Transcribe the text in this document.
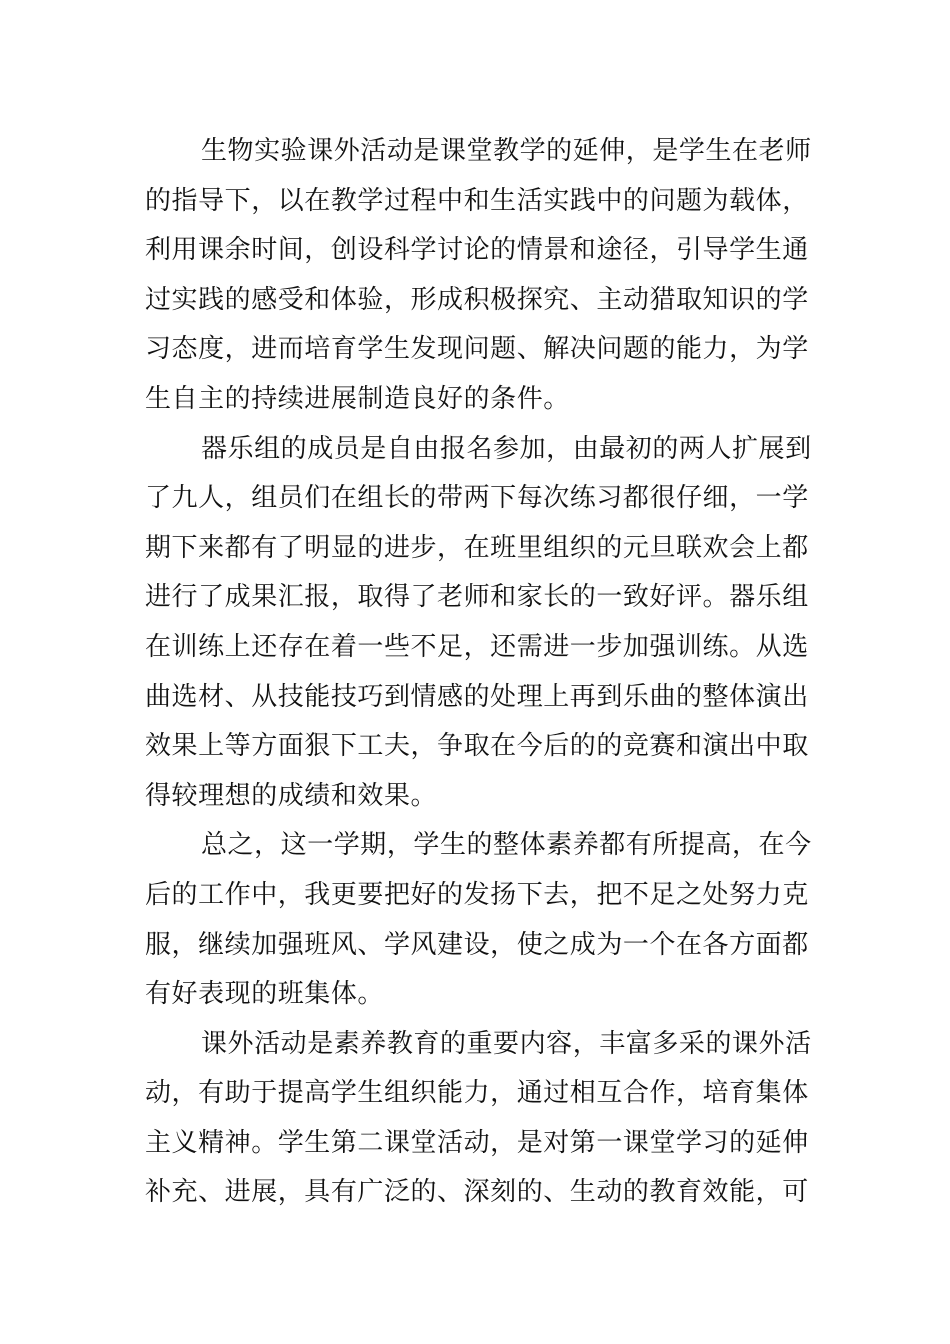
生物实验课外活动是课堂教学的延伸，是学生在老师
的指导下，以在教学过程中和生活实践中的问题为载体，
利用课余时间，创设科学讨论的情景和途径，引导学生通
过实践的感受和体验，形成积极探究、主动猎取知识的学
习态度，进而培育学生发现问题、解决问题的能力，为学
生自主的持续进展制造良好的条件。
器乐组的成员是自由报名参加，由最初的两人扩展到
了九人，组员们在组长的带两下每次练习都很仔细，一学
期下来都有了明显的进步，在班里组织的元旦联欢会上都
进行了成果汇报，取得了老师和家长的一致好评。器乐组
在训练上还存在着一些不足，还需进一步加强训练。从选
曲选材、从技能技巧到情感的处理上再到乐曲的整体演出
效果上等方面狠下工夫，争取在今后的的竞赛和演出中取
得较理想的成绩和效果。
总之，这一学期，学生的整体素养都有所提高，在今
后的工作中，我更要把好的发扬下去，把不足之处努力克
服，继续加强班风、学风建设，使之成为一个在各方面都
有好表现的班集体。
课外活动是素养教育的重要内容，丰富多采的课外活
动，有助于提高学生组织能力，通过相互合作，培育集体
主义精神。学生第二课堂活动，是对第一课堂学习的延伸
补充、进展，具有广泛的、深刻的、生动的教育效能，可
